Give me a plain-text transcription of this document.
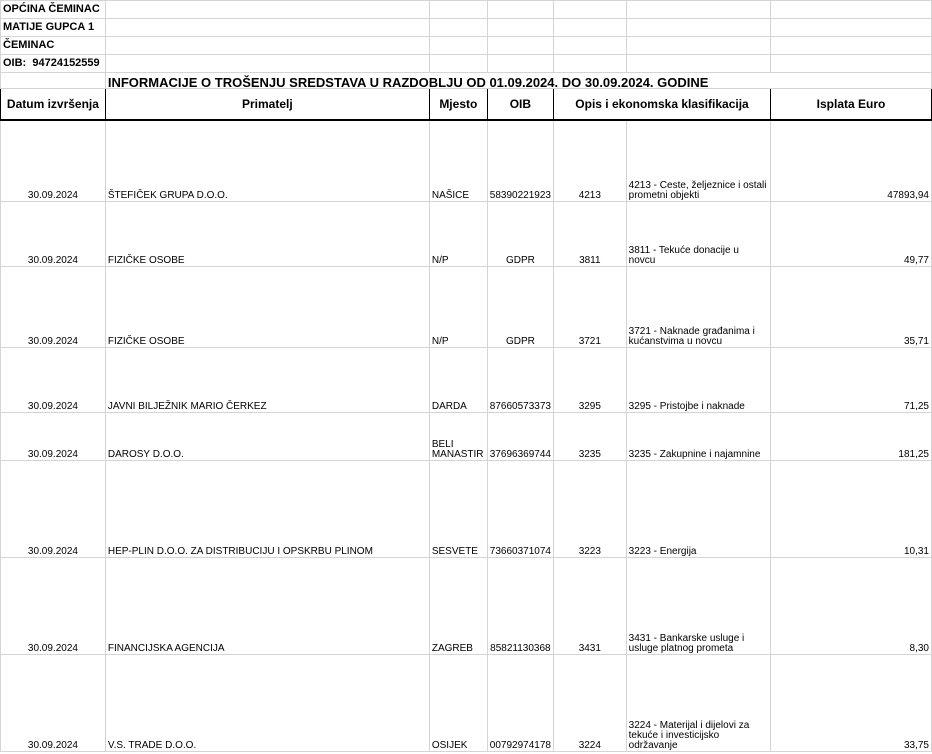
OPĆINA ČEMINAC						
MATIJE GUPCA 1						
ČEMINAC						
OIB: 94724152559						
	INFORMACIJE O TROŠENJU SREDSTAVA U RAZDOBLJU OD 01.09.2024. DO 30.09.2024. GODINE					
Datum izvršenja	Primatelj	Mjesto	OIB	Opis i ekonomska klasifikacija		Isplata Euro
30.09.2024	ŠTEFIČEK GRUPA D.O.O.	NAŠICE	58390221923	4213	4213 - Ceste, željeznice i ostali prometni objekti	47893,94
30.09.2024	FIZIČKE OSOBE	N/P	GDPR	3811	3811 - Tekuće donacije u novcu	49,77
30.09.2024	FIZIČKE OSOBE	N/P	GDPR	3721	3721 - Naknade građanima i kućanstvima u novcu	35,71
30.09.2024	JAVNI BILJEŽNIK MARIO ČERKEZ	DARDA	87660573373	3295	3295 - Pristojbe i naknade	71,25
30.09.2024	DAROSY D.O.O.	BELI MANASTIR	37696369744	3235	3235 - Zakupnine i najamnine	181,25
30.09.2024	HEP-PLIN D.O.O. ZA DISTRIBUCIJU I OPSKRBU PLINOM	SESVETE	73660371074	3223	3223 - Energija	10,31
30.09.2024	FINANCIJSKA AGENCIJA	ZAGREB	85821130368	3431	3431 - Bankarske usluge i usluge platnog prometa	8,30
30.09.2024	V.S. TRADE D.O.O.	OSIJEK	00792974178	3224	3224 - Materijal i dijelovi za tekuće i investicijsko održavanje	33,75
